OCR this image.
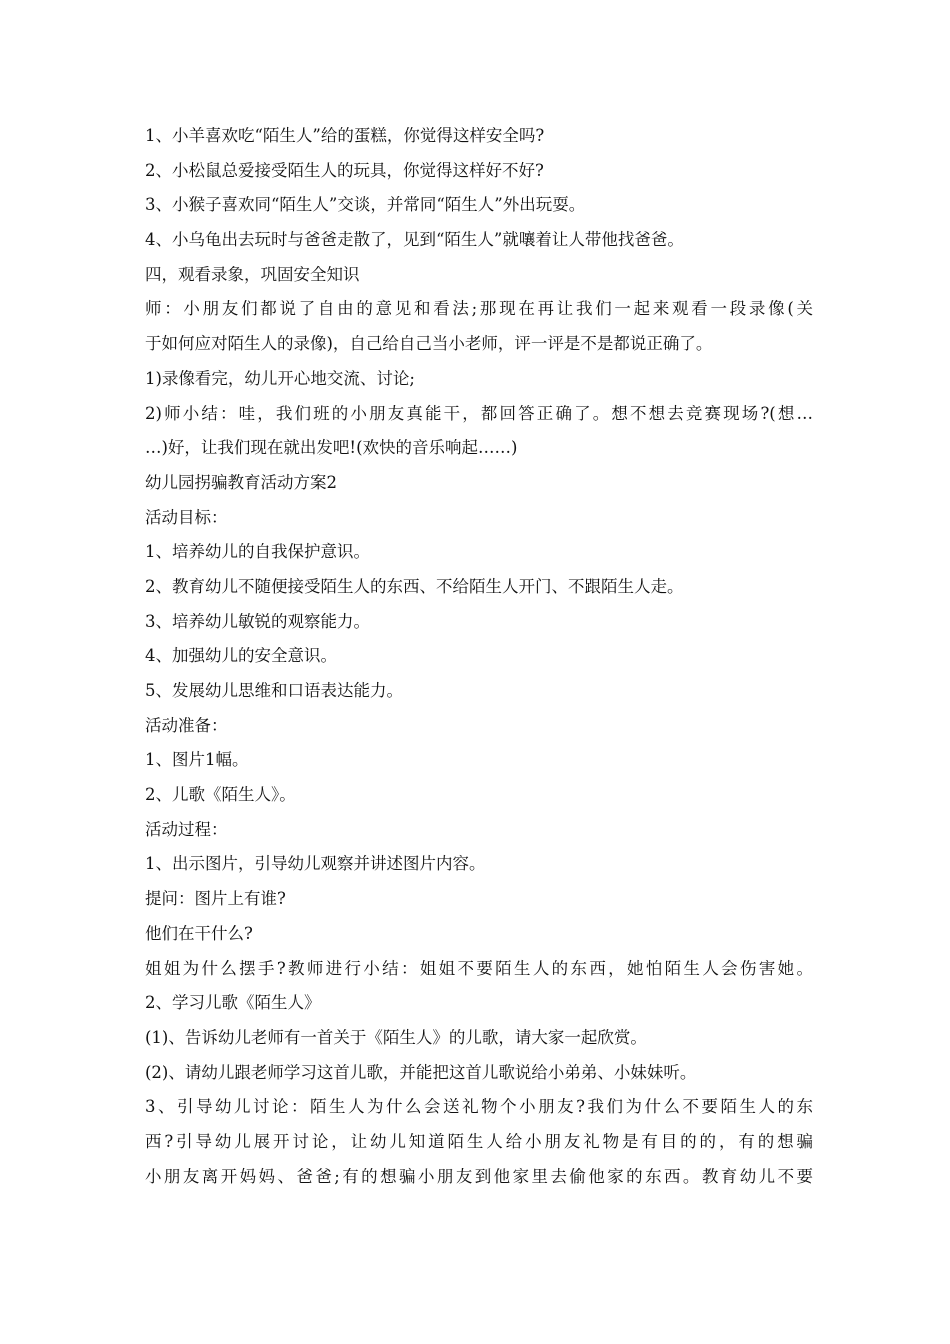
1、小羊喜欢吃“陌生人”给的蛋糕，你觉得这样安全吗?
2、小松鼠总爱接受陌生人的玩具，你觉得这样好不好?
3、小猴子喜欢同“陌生人”交谈，并常同“陌生人”外出玩耍。
4、小乌龟出去玩时与爸爸走散了，见到“陌生人”就嚷着让人带他找爸爸。
四，观看录象，巩固安全知识
师：小朋友们都说了自由的意见和看法;那现在再让我们一起来观看一段录像(关
于如何应对陌生人的录像)，自己给自己当小老师，评一评是不是都说正确了。
1)录像看完，幼儿开心地交流、讨论;
2)师小结：哇，我们班的小朋友真能干，都回答正确了。想不想去竞赛现场?(想…
…)好，让我们现在就出发吧!(欢快的音乐响起……)
幼儿园拐骗教育活动方案2
活动目标：
1、培养幼儿的自我保护意识。
2、教育幼儿不随便接受陌生人的东西、不给陌生人开门、不跟陌生人走。
3、培养幼儿敏锐的观察能力。
4、加强幼儿的安全意识。
5、发展幼儿思维和口语表达能力。
活动准备：
1、图片1幅。
2、儿歌《陌生人》。
活动过程：
1、出示图片，引导幼儿观察并讲述图片内容。
提问：图片上有谁?
他们在干什么?
姐姐为什么摆手?教师进行小结：姐姐不要陌生人的东西，她怕陌生人会伤害她。
2、学习儿歌《陌生人》
(1)、告诉幼儿老师有一首关于《陌生人》的儿歌，请大家一起欣赏。
(2)、请幼儿跟老师学习这首儿歌，并能把这首儿歌说给小弟弟、小妹妹听。
3、引导幼儿讨论：陌生人为什么会送礼物个小朋友?我们为什么不要陌生人的东
西?引导幼儿展开讨论，让幼儿知道陌生人给小朋友礼物是有目的的，有的想骗
小朋友离开妈妈、爸爸;有的想骗小朋友到他家里去偷他家的东西。教育幼儿不要
